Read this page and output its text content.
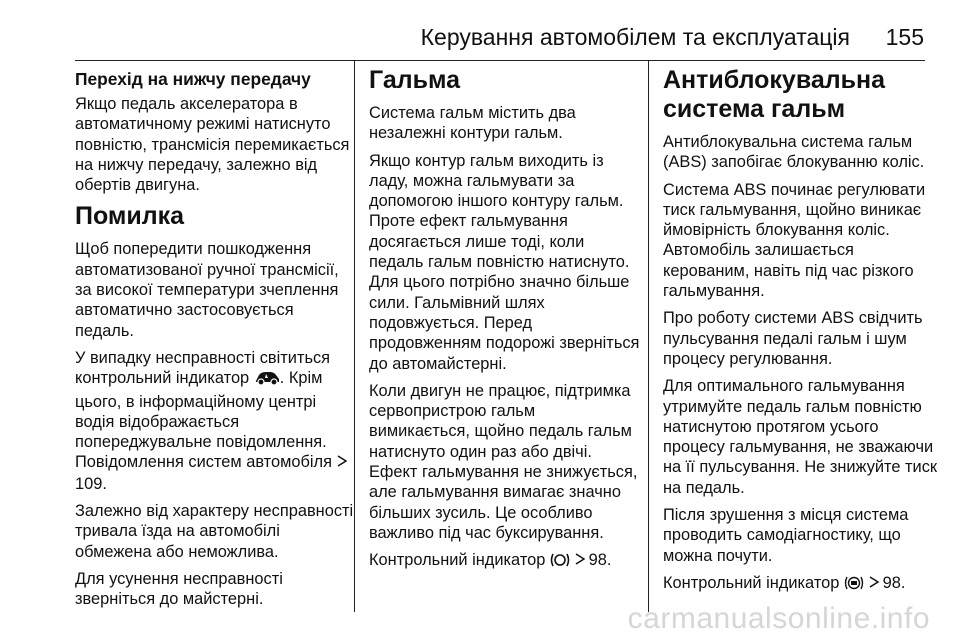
Керування автомобілем та експлуатація 155
Перехід на нижчу передачу

Якщо педаль акселератора в автоматичному режимі натиснуто повністю, трансмісія перемикається на нижчу передачу, залежно від обертів двигуна.

Помилка

Щоб попередити пошкодження автоматизованої ручної трансмісії, за високої температури зчеплення автоматично застосовується педаль.

У випадку несправності світиться контрольний індикатор . Крім цього, в інформаційному центрі водія відображається попереджувальне повідомлення. Повідомлення систем автомобіля  109.

Залежно від характеру несправності тривала їзда на автомобілі обмежена або неможлива.

Для усунення несправності зверніться до майстерні.

Гальма

Система гальм містить два незалежні контури гальм.

Якщо контур гальм виходить із ладу, можна гальмувати за допомогою іншого контуру гальм. Проте ефект гальмування досягається лише тоді, коли педаль гальм повністю натиснуто. Для цього потрібно значно більше сили. Гальмівний шлях подовжується. Перед продовженням подорожі зверніться до автомайстерні.

Коли двигун не працює, підтримка сервопристрою гальм вимикається, щойно педаль гальм натиснуто один раз або двічі. Ефект гальмування не знижується, але гальмування вимагає значно більших зусиль. Це особливо важливо під час буксирування.

Контрольний індикатор	98.

Антиблокувальна система гальм

Антиблокувальна система гальм (ABS) запобігає блокуванню коліс.

Система ABS починає регулювати тиск гальмування, щойно виникає ймовірність блокування коліс. Автомобіль залишається керованим, навіть під час різкого гальмування.

Про роботу системи ABS свідчить пульсування педалі гальм і шум процесу регулювання.

Для оптимального гальмування утримуйте педаль гальм повністю натиснутою протягом усього процесу гальмування, не зважаючи на її пульсування. Не знижуйте тиск на педаль.

Після зрушення з місця система проводить самодіагностику, що можна почути.

Контрольний індикатор	98.

carmanualsonline.info
